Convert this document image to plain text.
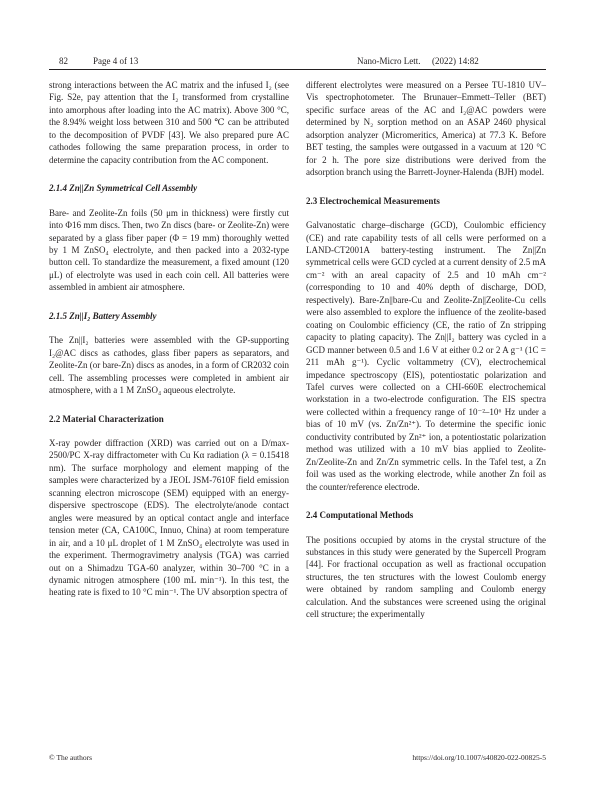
82	Page 4 of 13	Nano-Micro Lett. (2022) 14:82

strong interactions between the AC matrix and the infused I₂ (see Fig. S2e, pay attention that the I₂ transformed from crystalline into amorphous after loading into the AC matrix). Above 300 °C, the 8.94% weight loss between 310 and 500 ℃ can be attributed to the decomposition of PVDF [43]. We also prepared pure AC cathodes following the same preparation process, in order to determine the capacity contribution from the AC component.

2.1.4 Zn||Zn Symmetrical Cell Assembly

Bare- and Zeolite-Zn foils (50 μm in thickness) were firstly cut into Φ16 mm discs. Then, two Zn discs (bare- or Zeolite-Zn) were separated by a glass fiber paper (Φ = 19 mm) thoroughly wetted by 1 M ZnSO₄ electrolyte, and then packed into a 2032-type button cell. To standardize the measurement, a fixed amount (120 μL) of electrolyte was used in each coin cell. All batteries were assembled in ambient air atmosphere.

2.1.5 Zn||I₂ Battery Assembly

The Zn||I₂ batteries were assembled with the GP-supporting I₂@AC discs as cathodes, glass fiber papers as separators, and Zeolite-Zn (or bare-Zn) discs as anodes, in a form of CR2032 coin cell. The assembling processes were completed in ambient air atmosphere, with a 1 M ZnSO₄ aqueous electrolyte.

2.2 Material Characterization

X-ray powder diffraction (XRD) was carried out on a D/max-2500/PC X-ray diffractometer with Cu Kα radiation (λ = 0.15418 nm). The surface morphology and element mapping of the samples were characterized by a JEOL JSM-7610F field emission scanning electron microscope (SEM) equipped with an energy-dispersive spectroscope (EDS). The electrolyte/anode contact angles were measured by an optical contact angle and interface tension meter (CA, CA100C, Innuo, China) at room temperature in air, and a 10 μL droplet of 1 M ZnSO₄ electrolyte was used in the experiment. Thermogravimetry analysis (TGA) was carried out on a Shimadzu TGA-60 analyzer, within 30–700 °C in a dynamic nitrogen atmosphere (100 mL min⁻¹). In this test, the heating rate is fixed to 10 °C min⁻¹. The UV absorption spectra of

different electrolytes were measured on a Persee TU-1810 UV–Vis spectrophotometer. The Brunauer–Emmett–Teller (BET) specific surface areas of the AC and I₂@AC powders were determined by N₂ sorption method on an ASAP 2460 physical adsorption analyzer (Micromeritics, America) at 77.3 K. Before BET testing, the samples were outgassed in a vacuum at 120 °C for 2 h. The pore size distributions were derived from the adsorption branch using the Barrett-Joyner-Halenda (BJH) model.

2.3 Electrochemical Measurements

Galvanostatic charge–discharge (GCD), Coulombic efficiency (CE) and rate capability tests of all cells were performed on a LAND-CT2001A battery-testing instrument. The Zn||Zn symmetrical cells were GCD cycled at a current density of 2.5 mA cm⁻² with an areal capacity of 2.5 and 10 mAh cm⁻² (corresponding to 10 and 40% depth of discharge, DOD, respectively). Bare-Zn||bare-Cu and Zeolite-Zn||Zeolite-Cu cells were also assembled to explore the influence of the zeolite-based coating on Coulombic efficiency (CE, the ratio of Zn stripping capacity to plating capacity). The Zn||I₂ battery was cycled in a GCD manner between 0.5 and 1.6 V at either 0.2 or 2 A g⁻¹ (1C = 211 mAh g⁻¹). Cyclic voltammetry (CV), electrochemical impedance spectroscopy (EIS), potentiostatic polarization and Tafel curves were collected on a CHI-660E electrochemical workstation in a two-electrode configuration. The EIS spectra were collected within a frequency range of 10⁻²–10⁶ Hz under a bias of 10 mV (vs. Zn/Zn²⁺). To determine the specific ionic conductivity contributed by Zn²⁺ ion, a potentiostatic polarization method was utilized with a 10 mV bias applied to Zeolite-Zn/Zeolite-Zn and Zn/Zn symmetric cells. In the Tafel test, a Zn foil was used as the working electrode, while another Zn foil as the counter/reference electrode.

2.4 Computational Methods

The positions occupied by atoms in the crystal structure of the substances in this study were generated by the Supercell Program [44]. For fractional occupation as well as fractional occupation structures, the ten structures with the lowest Coulomb energy were obtained by random sampling and Coulomb energy calculation. And the substances were screened using the original cell structure; the experimentally

© The authors	https://doi.org/10.1007/s40820-022-00825-5
